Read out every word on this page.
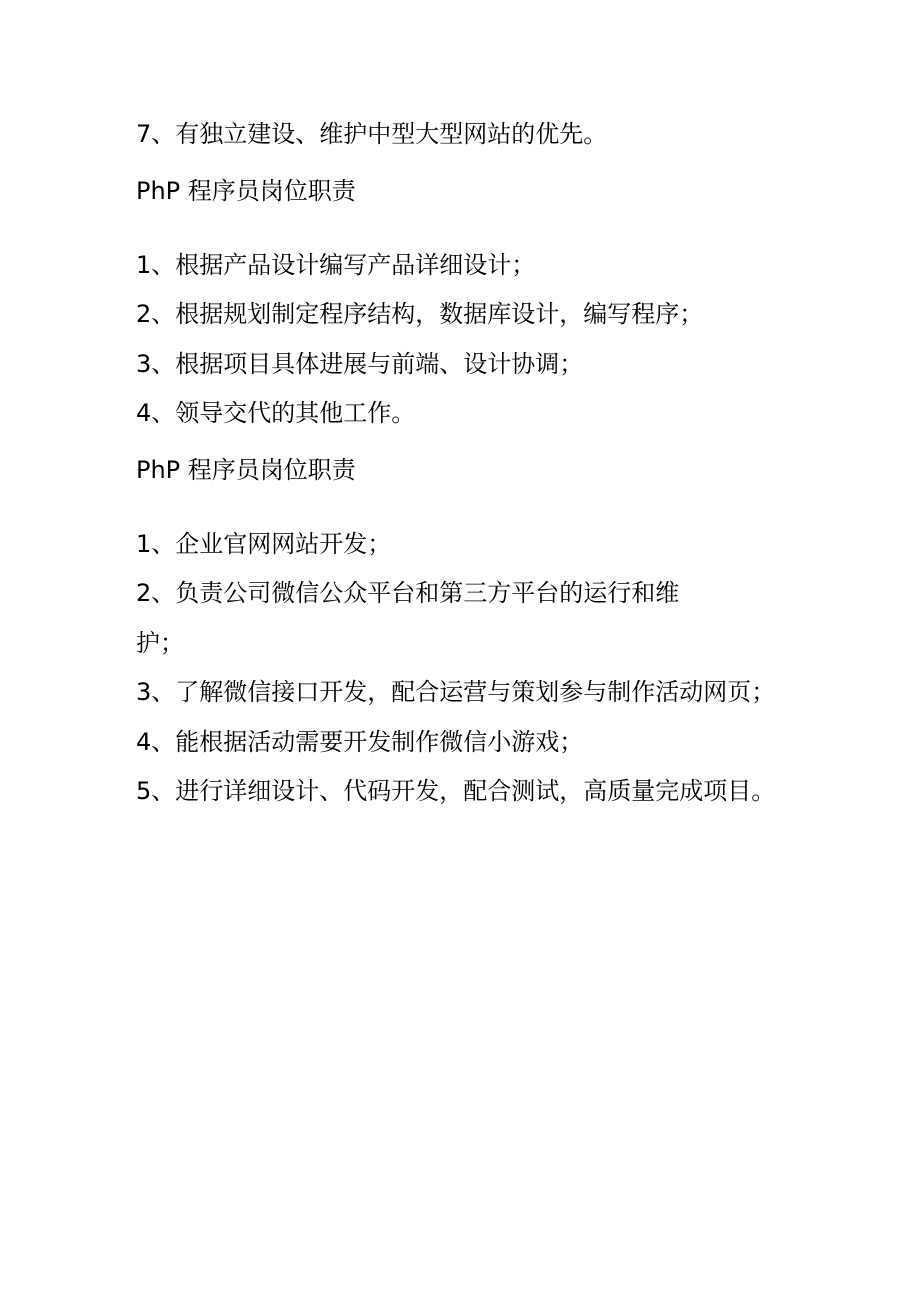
7、有独立建设、维护中型大型网站的优先。
PhP 程序员岗位职责
1、根据产品设计编写产品详细设计；
2、根据规划制定程序结构，数据库设计，编写程序；
3、根据项目具体进展与前端、设计协调；
4、领导交代的其他工作。
PhP 程序员岗位职责
1、企业官网网站开发；
2、负责公司微信公众平台和第三方平台的运行和维
护；
3、了解微信接口开发，配合运营与策划参与制作活动网页；
4、能根据活动需要开发制作微信小游戏；
5、进行详细设计、代码开发，配合测试，高质量完成项目。
